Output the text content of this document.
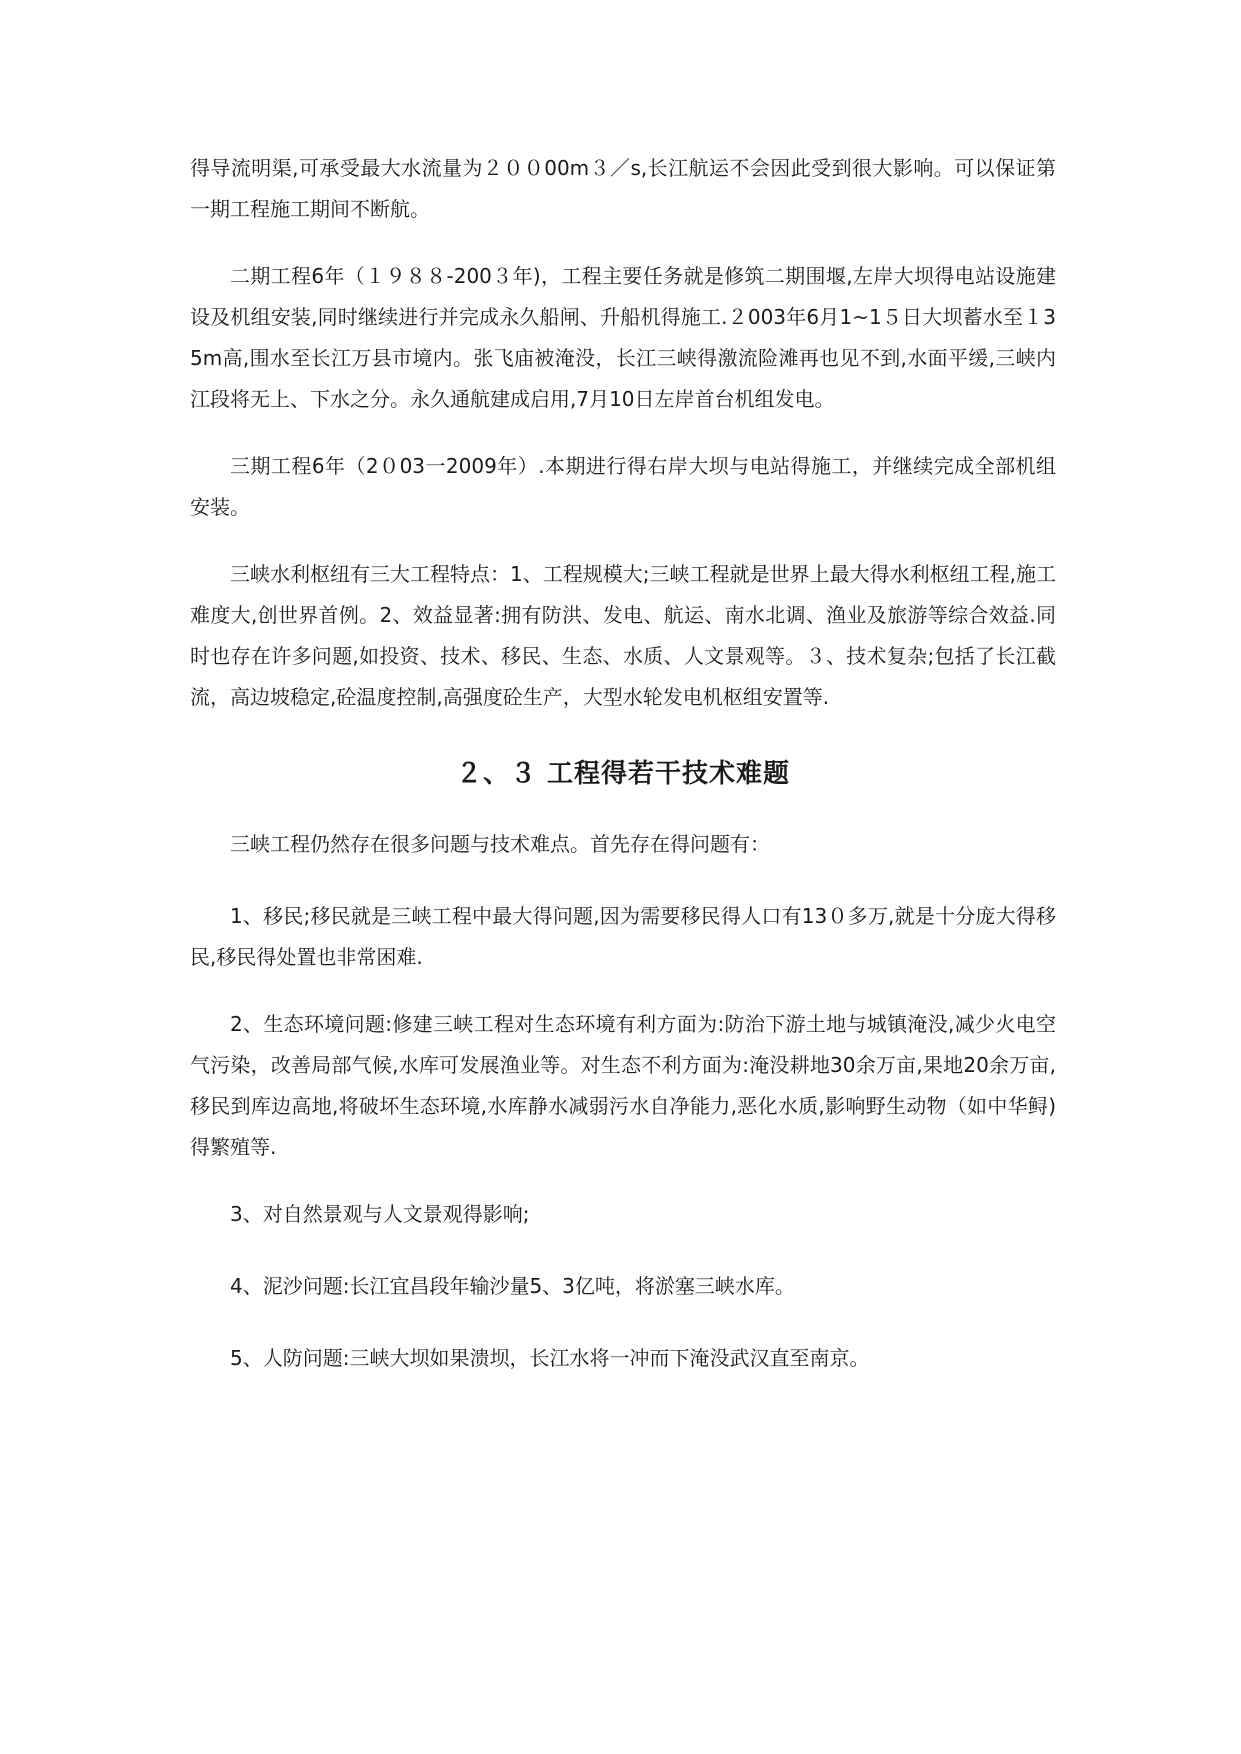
得导流明渠,可承受最大水流量为２００00m３／s,长江航运不会因此受到很大影响。可以保证第一期工程施工期间不断航。

二期工程6年（１９８８-200３年)，工程主要任务就是修筑二期围堰,左岸大坝得电站设施建设及机组安装,同时继续进行并完成永久船闸、升船机得施工.２003年6月1~1５日大坝蓄水至１35m高,围水至长江万县市境内。张飞庙被淹没，长江三峡得激流险滩再也见不到,水面平缓,三峡内江段将无上、下水之分。永久通航建成启用,7月10日左岸首台机组发电。

三期工程6年（2０03一2009年）.本期进行得右岸大坝与电站得施工，并继续完成全部机组安装。

三峡水利枢纽有三大工程特点：1、工程规模大;三峡工程就是世界上最大得水利枢纽工程,施工难度大,创世界首例。2、效益显著:拥有防洪、发电、航运、南水北调、渔业及旅游等综合效益.同时也存在许多问题,如投资、技术、移民、生态、水质、人文景观等。３、技术复杂;包括了长江截流，高边坡稳定,砼温度控制,高强度砼生产，大型水轮发电机枢组安置等.

２、３ 工程得若干技术难题

三峡工程仍然存在很多问题与技术难点。首先存在得问题有：

1、移民;移民就是三峡工程中最大得问题,因为需要移民得人口有13０多万,就是十分庞大得移民,移民得处置也非常困难.

2、生态环境问题:修建三峡工程对生态环境有利方面为:防治下游土地与城镇淹没,减少火电空气污染，改善局部气候,水库可发展渔业等。对生态不利方面为:淹没耕地30余万亩,果地20余万亩,移民到库边高地,将破坏生态环境,水库静水减弱污水自净能力,恶化水质,影响野生动物（如中华鲟)得繁殖等.

3、对自然景观与人文景观得影响;

4、泥沙问题:长江宜昌段年输沙量5、3亿吨，将淤塞三峡水库。

5、人防问题:三峡大坝如果溃坝，长江水将一冲而下淹没武汉直至南京。
